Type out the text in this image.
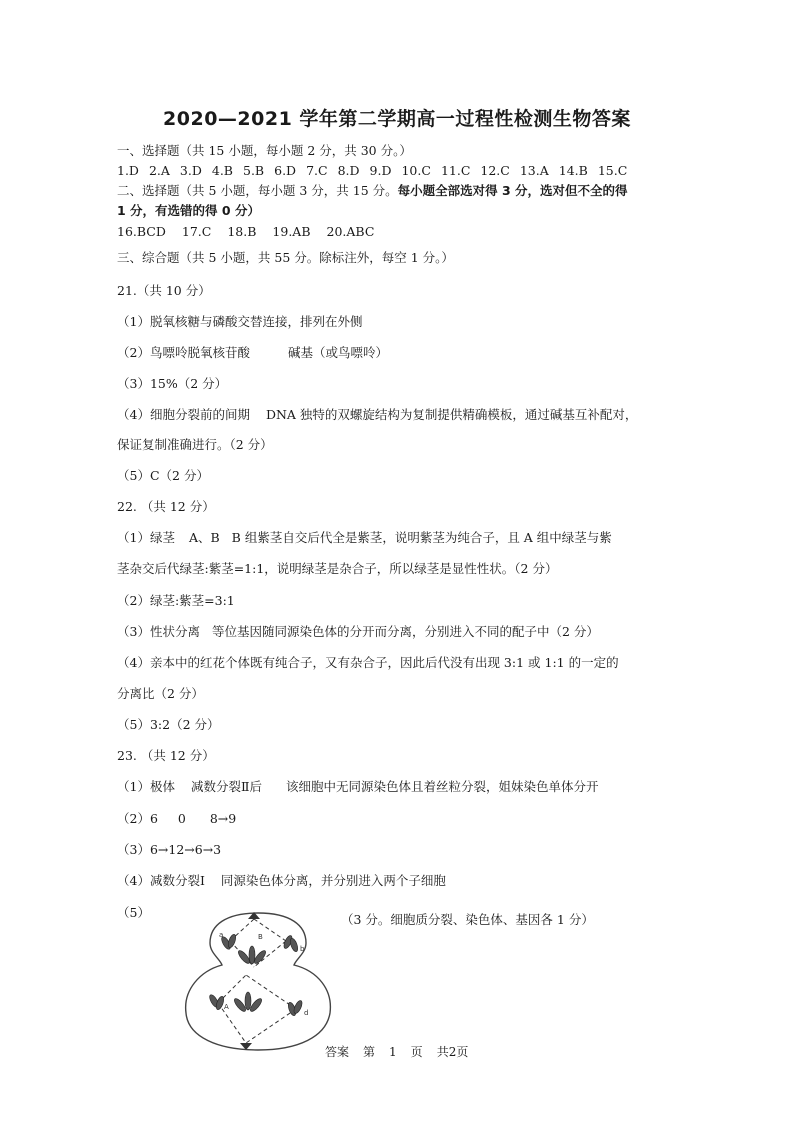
2020—2021 学年第二学期高一过程性检测生物答案
一、选择题（共 15 小题，每小题 2 分，共 30 分。）
1.D 2.A 3.D 4.B 5.B 6.D 7.C 8.D 9.D 10.C 11.C 12.C 13.A 14.B 15.C
二、选择题（共 5 小题，每小题 3 分，共 15 分。每小题全部选对得 3 分，选对但不全的得
1 分，有选错的得 0 分）
16.BCD 17.C 18.B 19.AB 20.ABC
三、综合题（共 5 小题，共 55 分。除标注外，每空 1 分。）
21.（共 10 分）
（1）脱氧核糖与磷酸交替连接，排列在外侧
（2）鸟嘌呤脱氧核苷酸	碱基（或鸟嘌呤）
（3）15%（2 分）
（4）细胞分裂前的间期 DNA 独特的双螺旋结构为复制提供精确模板，通过碱基互补配对，
保证复制准确进行。（2 分）
（5）C（2 分）
22. （共 12 分）
（1）绿茎 A、B B 组紫茎自交后代全是紫茎，说明紫茎为纯合子，且 A 组中绿茎与紫
茎杂交后代绿茎:紫茎=1:1，说明绿茎是杂合子，所以绿茎是显性性状。（2 分）
（2）绿茎:紫茎=3:1
（3）性状分离 等位基因随同源染色体的分开而分离，分别进入不同的配子中（2 分）
（4）亲本中的红花个体既有纯合子，又有杂合子，因此后代没有出现 3:1 或 1:1 的一定的
分离比（2 分）
（5）3:2（2 分）
23. （共 12 分）
（1）极体 减数分裂Ⅱ后 该细胞中无同源染色体且着丝粒分裂，姐妹染色单体分开
（2）6 0 8→9
（3）6→12→6→3
（4）减数分裂Ⅰ 同源染色体分离，并分别进入两个子细胞
（5）
a	B
b
A
d
（3 分。细胞质分裂、染色体、基因各 1 分）
答案 第 1 页 共2页
